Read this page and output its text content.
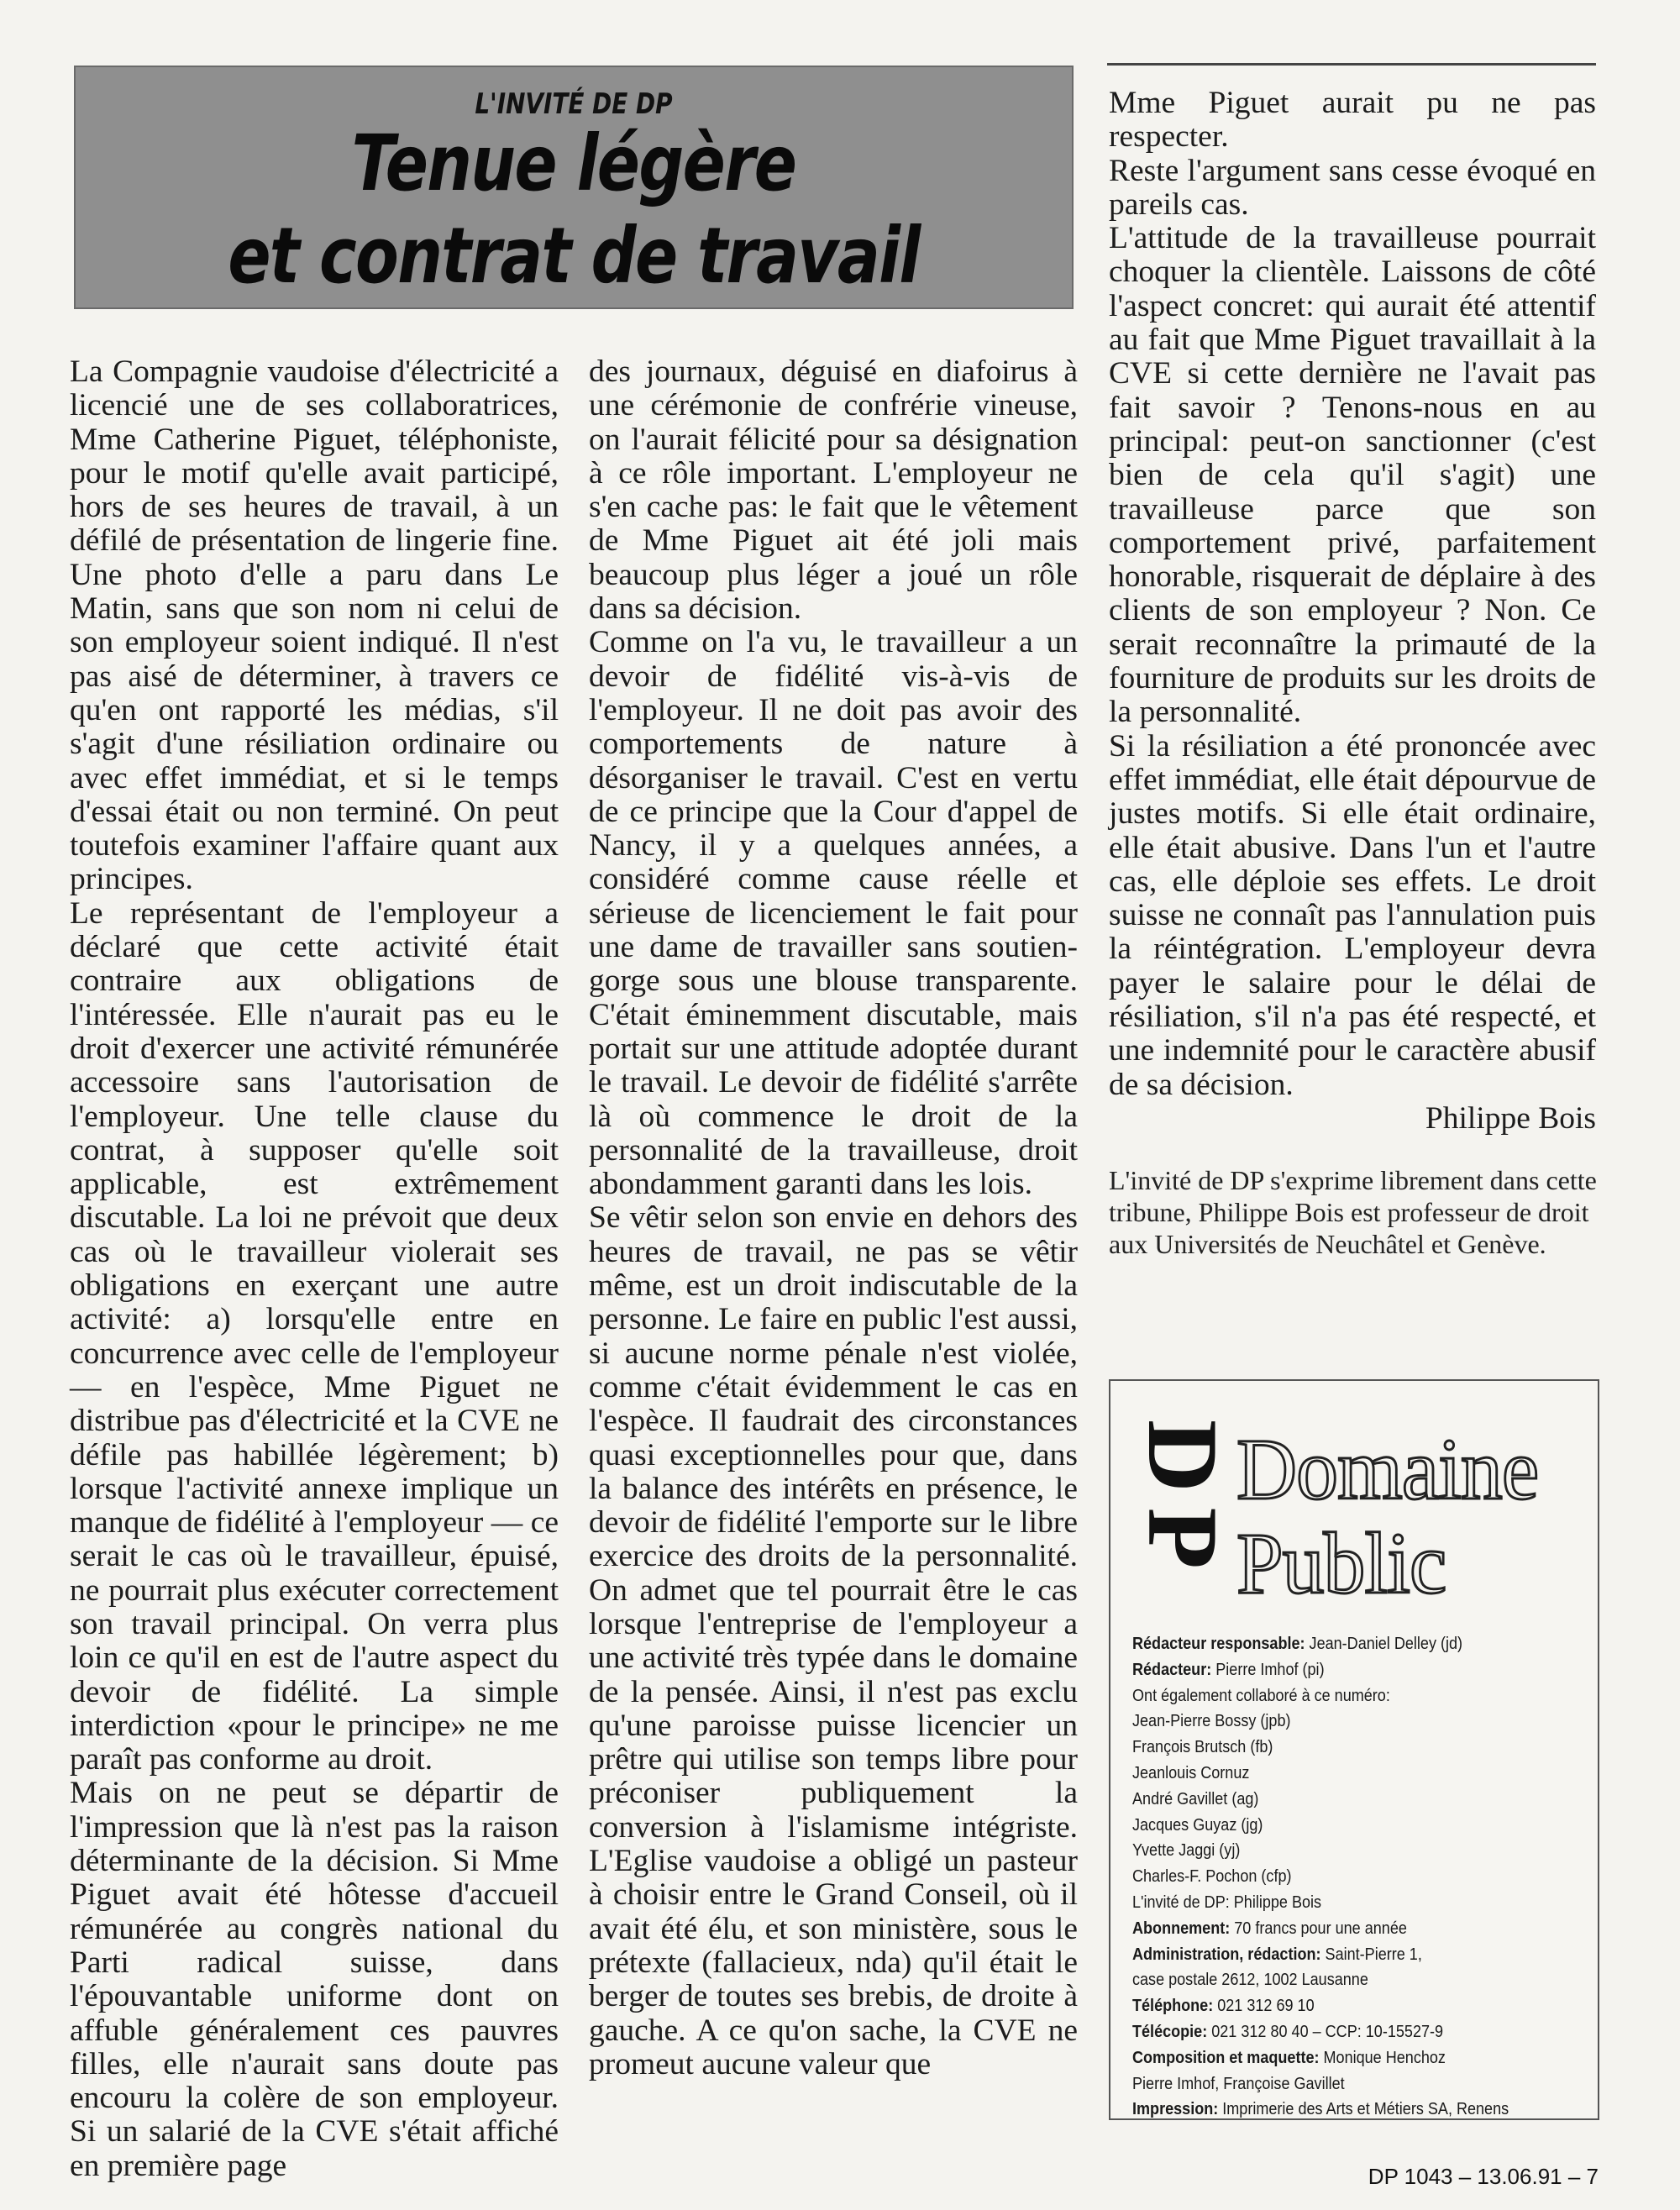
L'INVITÉ DE DP
Tenue légère
et contrat de travail

La Compagnie vaudoise d'électricité a licencié une de ses collaboratrices, Mme Catherine Piguet, téléphoniste, pour le motif qu'elle avait participé, hors de ses heures de travail, à un défilé de présentation de lingerie fine. Une photo d'elle a paru dans Le Matin, sans que son nom ni celui de son employeur soient indiqué. Il n'est pas aisé de déterminer, à travers ce qu'en ont rapporté les médias, s'il s'agit d'une résiliation ordinaire ou avec effet immédiat, et si le temps d'essai était ou non terminé. On peut toutefois examiner l'affaire quant aux principes.

Le représentant de l'employeur a déclaré que cette activité était contraire aux obligations de l'intéressée. Elle n'aurait pas eu le droit d'exercer une activité rémunérée accessoire sans l'autorisation de l'employeur. Une telle clause du contrat, à supposer qu'elle soit applicable, est extrêmement discutable. La loi ne prévoit que deux cas où le travailleur violerait ses obligations en exerçant une autre activité: a) lorsqu'elle entre en concurrence avec celle de l'employeur — en l'espèce, Mme Piguet ne distribue pas d'électricité et la CVE ne défile pas habillée légèrement; b) lorsque l'activité annexe implique un manque de fidélité à l'employeur — ce serait le cas où le travailleur, épuisé, ne pourrait plus exécuter correctement son travail principal. On verra plus loin ce qu'il en est de l'autre aspect du devoir de fidélité. La simple interdiction «pour le principe» ne me paraît pas conforme au droit.

Mais on ne peut se départir de l'impression que là n'est pas la raison déterminante de la décision. Si Mme Piguet avait été hôtesse d'accueil rémunérée au congrès national du Parti radical suisse, dans l'épouvantable uniforme dont on affuble généralement ces pauvres filles, elle n'aurait sans doute pas encouru la colère de son employeur. Si un salarié de la CVE s'était affiché en première page

des journaux, déguisé en diafoirus à une cérémonie de confrérie vineuse, on l'aurait félicité pour sa désignation à ce rôle important. L'employeur ne s'en cache pas: le fait que le vêtement de Mme Piguet ait été joli mais beaucoup plus léger a joué un rôle dans sa décision.

Comme on l'a vu, le travailleur a un devoir de fidélité vis-à-vis de l'employeur. Il ne doit pas avoir des comportements de nature à désorganiser le travail. C'est en vertu de ce principe que la Cour d'appel de Nancy, il y a quelques années, a considéré comme cause réelle et sérieuse de licenciement le fait pour une dame de travailler sans soutien-gorge sous une blouse transparente. C'était éminemment discutable, mais portait sur une attitude adoptée durant le travail. Le devoir de fidélité s'arrête là où commence le droit de la personnalité de la travailleuse, droit abondamment garanti dans les lois.

Se vêtir selon son envie en dehors des heures de travail, ne pas se vêtir même, est un droit indiscutable de la personne. Le faire en public l'est aussi, si aucune norme pénale n'est violée, comme c'était évidemment le cas en l'espèce. Il faudrait des circonstances quasi exceptionnelles pour que, dans la balance des intérêts en présence, le devoir de fidélité l'emporte sur le libre exercice des droits de la personnalité. On admet que tel pourrait être le cas lorsque l'entreprise de l'employeur a une activité très typée dans le domaine de la pensée. Ainsi, il n'est pas exclu qu'une paroisse puisse licencier un prêtre qui utilise son temps libre pour préconiser publiquement la conversion à l'islamisme intégriste. L'Eglise vaudoise a obligé un pasteur à choisir entre le Grand Conseil, où il avait été élu, et son ministère, sous le prétexte (fallacieux, nda) qu'il était le berger de toutes ses brebis, de droite à gauche. A ce qu'on sache, la CVE ne promeut aucune valeur que

Mme Piguet aurait pu ne pas respecter.

Reste l'argument sans cesse évoqué en pareils cas.

L'attitude de la travailleuse pourrait choquer la clientèle. Laissons de côté l'aspect concret: qui aurait été attentif au fait que Mme Piguet travaillait à la CVE si cette dernière ne l'avait pas fait savoir ? Tenons-nous en au principal: peut-on sanctionner (c'est bien de cela qu'il s'agit) une travailleuse parce que son comportement privé, parfaitement honorable, risquerait de déplaire à des clients de son employeur ? Non. Ce serait reconnaître la primauté de la fourniture de produits sur les droits de la personnalité.

Si la résiliation a été prononcée avec effet immédiat, elle était dépourvue de justes motifs. Si elle était ordinaire, elle était abusive. Dans l'un et l'autre cas, elle déploie ses effets. Le droit suisse ne connaît pas l'annulation puis la réintégration. L'employeur devra payer le salaire pour le délai de résiliation, s'il n'a pas été respecté, et une indemnité pour le caractère abusif de sa décision.

Philippe Bois

L'invité de DP s'exprime librement dans cette tribune, Philippe Bois est professeur de droit aux Universités de Neuchâtel et Genève.
DP
Domaine
Public
Rédacteur responsable: Jean-Daniel Delley (jd)
Rédacteur: Pierre Imhof (pi)
Ont également collaboré à ce numéro:
Jean-Pierre Bossy (jpb)
François Brutsch (fb)
Jeanlouis Cornuz
André Gavillet (ag)
Jacques Guyaz (jg)
Yvette Jaggi (yj)
Charles-F. Pochon (cfp)
L'invité de DP: Philippe Bois
Abonnement: 70 francs pour une année
Administration, rédaction: Saint-Pierre 1,
case postale 2612, 1002 Lausanne
Téléphone: 021 312 69 10
Télécopie: 021 312 80 40 – CCP: 10-15527-9
Composition et maquette: Monique Henchoz
Pierre Imhof, Françoise Gavillet
Impression: Imprimerie des Arts et Métiers SA, Renens
DP 1043 – 13.06.91 – 7
